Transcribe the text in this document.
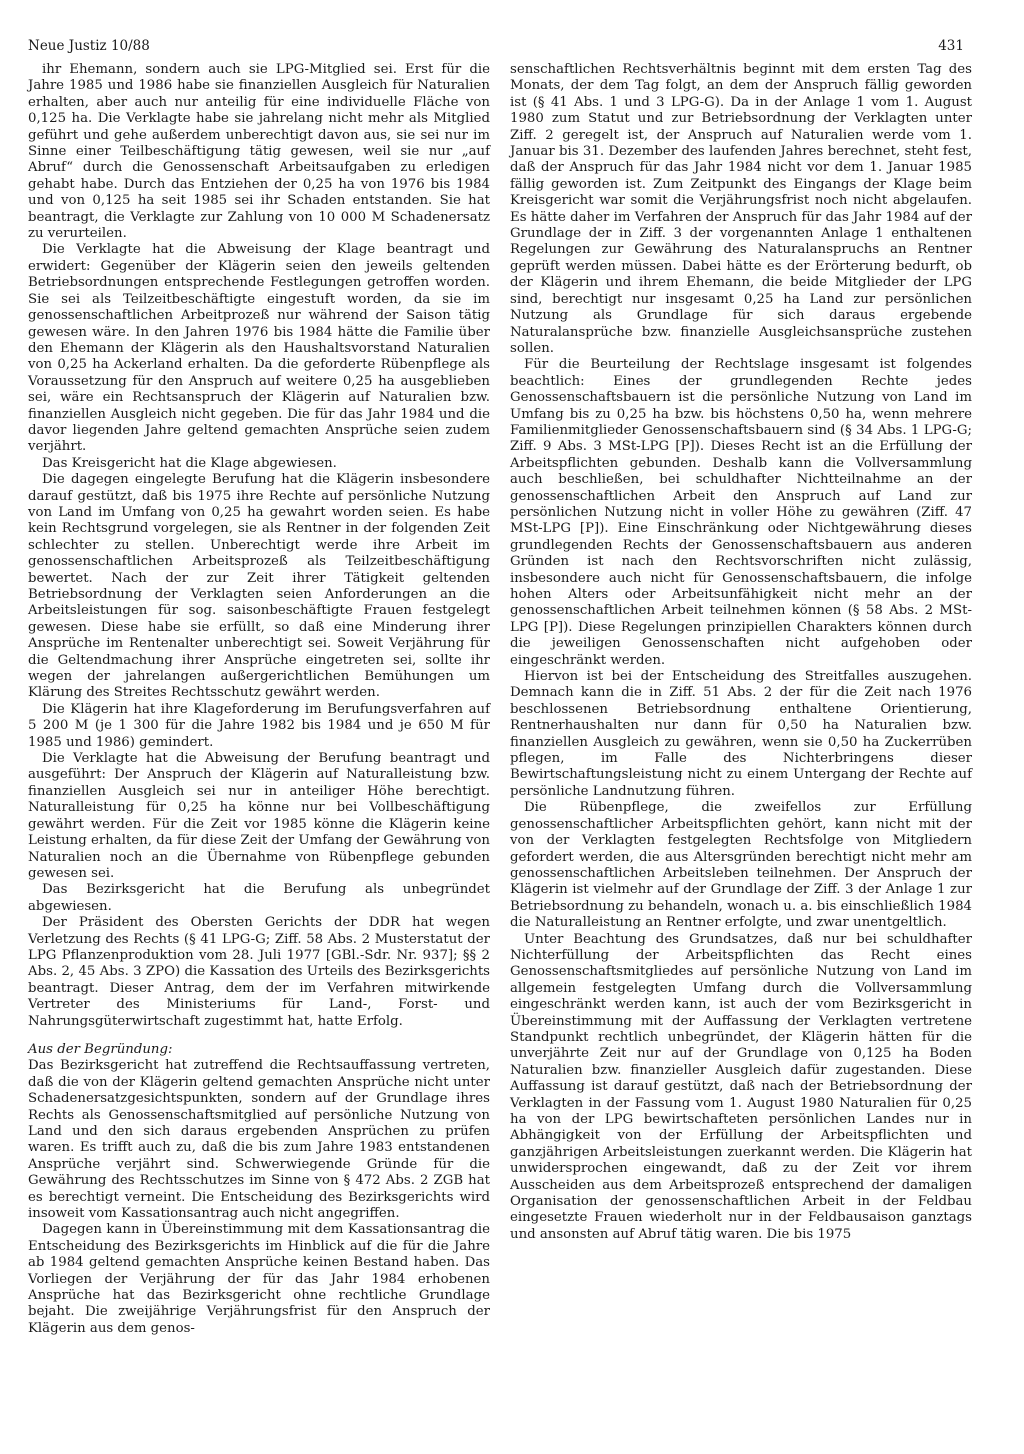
Neue Justiz 10/88	431

ihr Ehemann, sondern auch sie LPG-Mitglied sei. Erst für die Jahre 1985 und 1986 habe sie finanziellen Ausgleich für Naturalien erhalten, aber auch nur anteilig für eine individuelle Fläche von 0,125 ha. Die Verklagte habe sie jahrelang nicht mehr als Mitglied geführt und gehe außerdem unberechtigt davon aus, sie sei nur im Sinne einer Teilbeschäftigung tätig gewesen, weil sie nur „auf Abruf“ durch die Genossenschaft Arbeitsaufgaben zu erledigen gehabt habe. Durch das Entziehen der 0,25 ha von 1976 bis 1984 und von 0,125 ha seit 1985 sei ihr Schaden entstanden. Sie hat beantragt, die Verklagte zur Zahlung von 10 000 M Schadenersatz zu verurteilen.

Die Verklagte hat die Abweisung der Klage beantragt und erwidert: Gegenüber der Klägerin seien den jeweils geltenden Betriebsordnungen entsprechende Festlegungen getroffen worden. Sie sei als Teilzeitbeschäftigte eingestuft worden, da sie im genossenschaftlichen Arbeitprozeß nur während der Saison tätig gewesen wäre. In den Jahren 1976 bis 1984 hätte die Familie über den Ehemann der Klägerin als den Haushaltsvorstand Naturalien von 0,25 ha Ackerland erhalten. Da die geforderte Rübenpflege als Voraussetzung für den Anspruch auf weitere 0,25 ha ausgeblieben sei, wäre ein Rechtsanspruch der Klägerin auf Naturalien bzw. finanziellen Ausgleich nicht gegeben. Die für das Jahr 1984 und die davor liegenden Jahre geltend gemachten Ansprüche seien zudem verjährt.

Das Kreisgericht hat die Klage abgewiesen.

Die dagegen eingelegte Berufung hat die Klägerin insbesondere darauf gestützt, daß bis 1975 ihre Rechte auf persönliche Nutzung von Land im Umfang von 0,25 ha gewahrt worden seien. Es habe kein Rechtsgrund vorgelegen, sie als Rentner in der folgenden Zeit schlechter zu stellen. Unberechtigt werde ihre Arbeit im genossenschaftlichen Arbeitsprozeß als Teilzeitbeschäftigung bewertet. Nach der zur Zeit ihrer Tätigkeit geltenden Betriebsordnung der Verklagten seien Anforderungen an die Arbeitsleistungen für sog. saisonbeschäftigte Frauen festgelegt gewesen. Diese habe sie erfüllt, so daß eine Minderung ihrer Ansprüche im Rentenalter unberechtigt sei. Soweit Verjährung für die Geltendmachung ihrer Ansprüche eingetreten sei, sollte ihr wegen der jahrelangen außergerichtlichen Bemühungen um Klärung des Streites Rechtsschutz gewährt werden.

Die Klägerin hat ihre Klageforderung im Berufungsverfahren auf 5 200 M (je 1 300 für die Jahre 1982 bis 1984 und je 650 M für 1985 und 1986) gemindert.

Die Verklagte hat die Abweisung der Berufung beantragt und ausgeführt: Der Anspruch der Klägerin auf Naturalleistung bzw. finanziellen Ausgleich sei nur in anteiliger Höhe berechtigt. Naturalleistung für 0,25 ha könne nur bei Vollbeschäftigung gewährt werden. Für die Zeit vor 1985 könne die Klägerin keine Leistung erhalten, da für diese Zeit der Umfang der Gewährung von Naturalien noch an die Übernahme von Rübenpflege gebunden gewesen sei.

Das Bezirksgericht hat die Berufung als unbegründet abgewiesen.

Der Präsident des Obersten Gerichts der DDR hat wegen Verletzung des Rechts (§ 41 LPG-G; Ziff. 58 Abs. 2 Musterstatut der LPG Pflanzenproduktion vom 28. Juli 1977 [GBl.-Sdr. Nr. 937]; §§ 2 Abs. 2, 45 Abs. 3 ZPO) die Kassation des Urteils des Bezirksgerichts beantragt. Dieser Antrag, dem der im Verfahren mitwirkende Vertreter des Ministeriums für Land-, Forst- und Nahrungsgüterwirtschaft zugestimmt hat, hatte Erfolg.

Aus der Begründung:

Das Bezirksgericht hat zutreffend die Rechtsauffassung vertreten, daß die von der Klägerin geltend gemachten Ansprüche nicht unter Schadenersatzgesichtspunkten, sondern auf der Grundlage ihres Rechts als Genossenschaftsmitglied auf persönliche Nutzung von Land und den sich daraus ergebenden Ansprüchen zu prüfen waren. Es trifft auch zu, daß die bis zum Jahre 1983 entstandenen Ansprüche verjährt sind. Schwerwiegende Gründe für die Gewährung des Rechtsschutzes im Sinne von § 472 Abs. 2 ZGB hat es berechtigt verneint. Die Entscheidung des Bezirksgerichts wird insoweit vom Kassationsantrag auch nicht angegriffen.

Dagegen kann in Übereinstimmung mit dem Kassationsantrag die Entscheidung des Bezirksgerichts im Hinblick auf die für die Jahre ab 1984 geltend gemachten Ansprüche keinen Bestand haben. Das Vorliegen der Verjährung der für das Jahr 1984 erhobenen Ansprüche hat das Bezirksgericht ohne rechtliche Grundlage bejaht. Die zweijährige Verjährungsfrist für den Anspruch der Klägerin aus dem genos-

senschaftlichen Rechtsverhältnis beginnt mit dem ersten Tag des Monats, der dem Tag folgt, an dem der Anspruch fällig geworden ist (§ 41 Abs. 1 und 3 LPG-G). Da in der Anlage 1 vom 1. August 1980 zum Statut und zur Betriebsordnung der Verklagten unter Ziff. 2 geregelt ist, der Anspruch auf Naturalien werde vom 1. Januar bis 31. Dezember des laufenden Jahres berechnet, steht fest, daß der Anspruch für das Jahr 1984 nicht vor dem 1. Januar 1985 fällig geworden ist. Zum Zeitpunkt des Eingangs der Klage beim Kreisgericht war somit die Verjährungsfrist noch nicht abgelaufen. Es hätte daher im Verfahren der Anspruch für das Jahr 1984 auf der Grundlage der in Ziff. 3 der vorgenannten Anlage 1 enthaltenen Regelungen zur Gewährung des Naturalanspruchs an Rentner geprüft werden müssen. Dabei hätte es der Erörterung bedurft, ob der Klägerin und ihrem Ehemann, die beide Mitglieder der LPG sind, berechtigt nur insgesamt 0,25 ha Land zur persönlichen Nutzung als Grundlage für sich daraus ergebende Naturalansprüche bzw. finanzielle Ausgleichsansprüche zustehen sollen.

Für die Beurteilung der Rechtslage insgesamt ist folgendes beachtlich: Eines der grundlegenden Rechte jedes Genossenschaftsbauern ist die persönliche Nutzung von Land im Umfang bis zu 0,25 ha bzw. bis höchstens 0,50 ha, wenn mehrere Familienmitglieder Genossenschaftsbauern sind (§ 34 Abs. 1 LPG-G; Ziff. 9 Abs. 3 MSt-LPG [P]). Dieses Recht ist an die Erfüllung der Arbeitspflichten gebunden. Deshalb kann die Vollversammlung auch beschließen, bei schuldhafter Nichtteilnahme an der genossenschaftlichen Arbeit den Anspruch auf Land zur persönlichen Nutzung nicht in voller Höhe zu gewähren (Ziff. 47 MSt-LPG [P]). Eine Einschränkung oder Nichtgewährung dieses grundlegenden Rechts der Genossenschaftsbauern aus anderen Gründen ist nach den Rechtsvorschriften nicht zulässig, insbesondere auch nicht für Genossenschaftsbauern, die infolge hohen Alters oder Arbeitsunfähigkeit nicht mehr an der genossenschaftlichen Arbeit teilnehmen können (§ 58 Abs. 2 MSt-LPG [P]). Diese Regelungen prinzipiellen Charakters können durch die jeweiligen Genossenschaften nicht aufgehoben oder eingeschränkt werden.

Hiervon ist bei der Entscheidung des Streitfalles auszugehen. Demnach kann die in Ziff. 51 Abs. 2 der für die Zeit nach 1976 beschlossenen Betriebsordnung enthaltene Orientierung, Rentnerhaushalten nur dann für 0,50 ha Naturalien bzw. finanziellen Ausgleich zu gewähren, wenn sie 0,50 ha Zuckerrüben pflegen, im Falle des Nichterbringens dieser Bewirtschaftungsleistung nicht zu einem Untergang der Rechte auf persönliche Landnutzung führen.

Die Rübenpflege, die zweifellos zur Erfüllung genossenschaftlicher Arbeitspflichten gehört, kann nicht mit der von der Verklagten festgelegten Rechtsfolge von Mitgliedern gefordert werden, die aus Altersgründen berechtigt nicht mehr am genossenschaftlichen Arbeitsleben teilnehmen. Der Anspruch der Klägerin ist vielmehr auf der Grundlage der Ziff. 3 der Anlage 1 zur Betriebsordnung zu behandeln, wonach u. a. bis einschließlich 1984 die Naturalleistung an Rentner erfolgte, und zwar unentgeltlich.

Unter Beachtung des Grundsatzes, daß nur bei schuldhafter Nichterfüllung der Arbeitspflichten das Recht eines Genossenschaftsmitgliedes auf persönliche Nutzung von Land im allgemein festgelegten Umfang durch die Vollversammlung eingeschränkt werden kann, ist auch der vom Bezirksgericht in Übereinstimmung mit der Auffassung der Verklagten vertretene Standpunkt rechtlich unbegründet, der Klägerin hätten für die unverjährte Zeit nur auf der Grundlage von 0,125 ha Boden Naturalien bzw. finanzieller Ausgleich dafür zugestanden. Diese Auffassung ist darauf gestützt, daß nach der Betriebsordnung der Verklagten in der Fassung vom 1. August 1980 Naturalien für 0,25 ha von der LPG bewirtschafteten persönlichen Landes nur in Abhängigkeit von der Erfüllung der Arbeitspflichten und ganzjährigen Arbeitsleistungen zuerkannt werden. Die Klägerin hat unwidersprochen eingewandt, daß zu der Zeit vor ihrem Ausscheiden aus dem Arbeitsprozeß entsprechend der damaligen Organisation der genossenschaftlichen Arbeit in der Feldbau eingesetzte Frauen wiederholt nur in der Feldbausaison ganztags und ansonsten auf Abruf tätig waren. Die bis 1975
